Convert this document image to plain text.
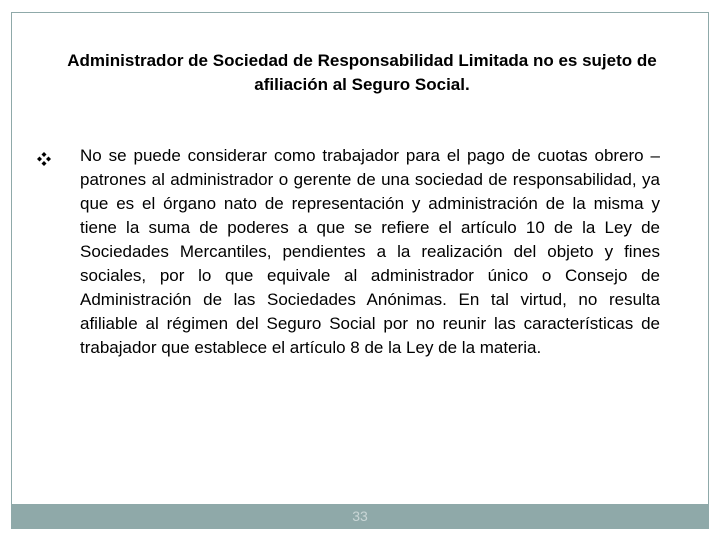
Administrador de Sociedad de Responsabilidad Limitada no es sujeto de afiliación al Seguro Social.

No se puede considerar como trabajador para el pago de cuotas obrero – patrones al administrador o gerente de una sociedad de responsabilidad, ya que es el órgano nato de representación y administración de la misma y tiene la suma de poderes a que se refiere el artículo 10 de la Ley de Sociedades Mercantiles, pendientes a la realización del objeto y fines sociales, por lo que equivale al administrador único o Consejo de Administración de las Sociedades Anónimas. En tal virtud, no resulta afiliable al régimen del Seguro Social por no reunir las características de trabajador que establece el artículo 8 de la Ley de la materia.

33
